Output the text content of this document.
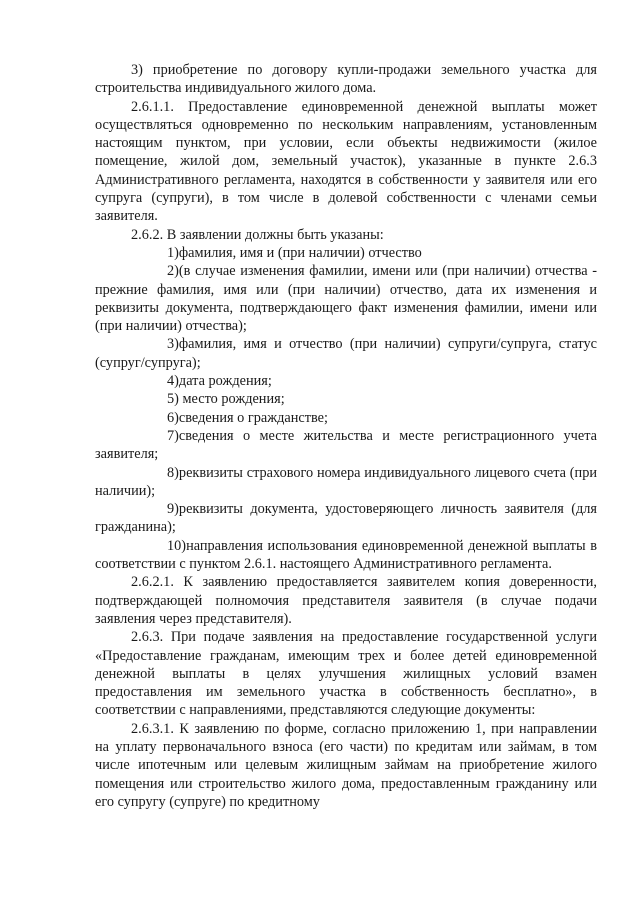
3) приобретение по договору купли-продажи земельного участка для строительства индивидуального жилого дома.

2.6.1.1. Предоставление единовременной денежной выплаты может осуществляться одновременно по нескольким направлениям, установленным настоящим пунктом, при условии, если объекты недвижимости (жилое помещение, жилой дом, земельный участок), указанные в пункте 2.6.3 Административного регламента, находятся в собственности у заявителя или его супруга (супруги), в том числе в долевой собственности с членами семьи заявителя.

2.6.2. В заявлении должны быть указаны:

1)фамилия, имя и (при наличии) отчество
2)(в случае изменения фамилии, имени или (при наличии) отчества - прежние фамилия, имя или (при наличии) отчество, дата их изменения и реквизиты документа, подтверждающего факт изменения фамилии, имени или (при наличии) отчества);
3)фамилия, имя и отчество (при наличии) супруги/супруга, статус (супруг/супруга);
4)дата рождения;
5) место рождения;
6)сведения о гражданстве;
7)сведения о месте жительства и месте регистрационного учета заявителя;
8)реквизиты страхового номера индивидуального лицевого счета (при наличии);
9)реквизиты документа, удостоверяющего личность заявителя (для гражданина);
10)направления использования единовременной денежной выплаты в соответствии с пунктом 2.6.1. настоящего Административного регламента.

2.6.2.1. К заявлению предоставляется заявителем копия доверенности, подтверждающей полномочия представителя заявителя (в случае подачи заявления через представителя).

2.6.3. При подаче заявления на предоставление государственной услуги «Предоставление гражданам, имеющим трех и более детей единовременной денежной выплаты в целях улучшения жилищных условий взамен предоставления им земельного участка в собственность бесплатно», в соответствии с направлениями, представляются следующие документы:

2.6.3.1. К заявлению по форме, согласно приложению 1, при направлении на уплату первоначального взноса (его части) по кредитам или займам, в том числе ипотечным или целевым жилищным займам на приобретение жилого помещения или строительство жилого дома, предоставленным гражданину или его супругу (супруге) по кредитному
